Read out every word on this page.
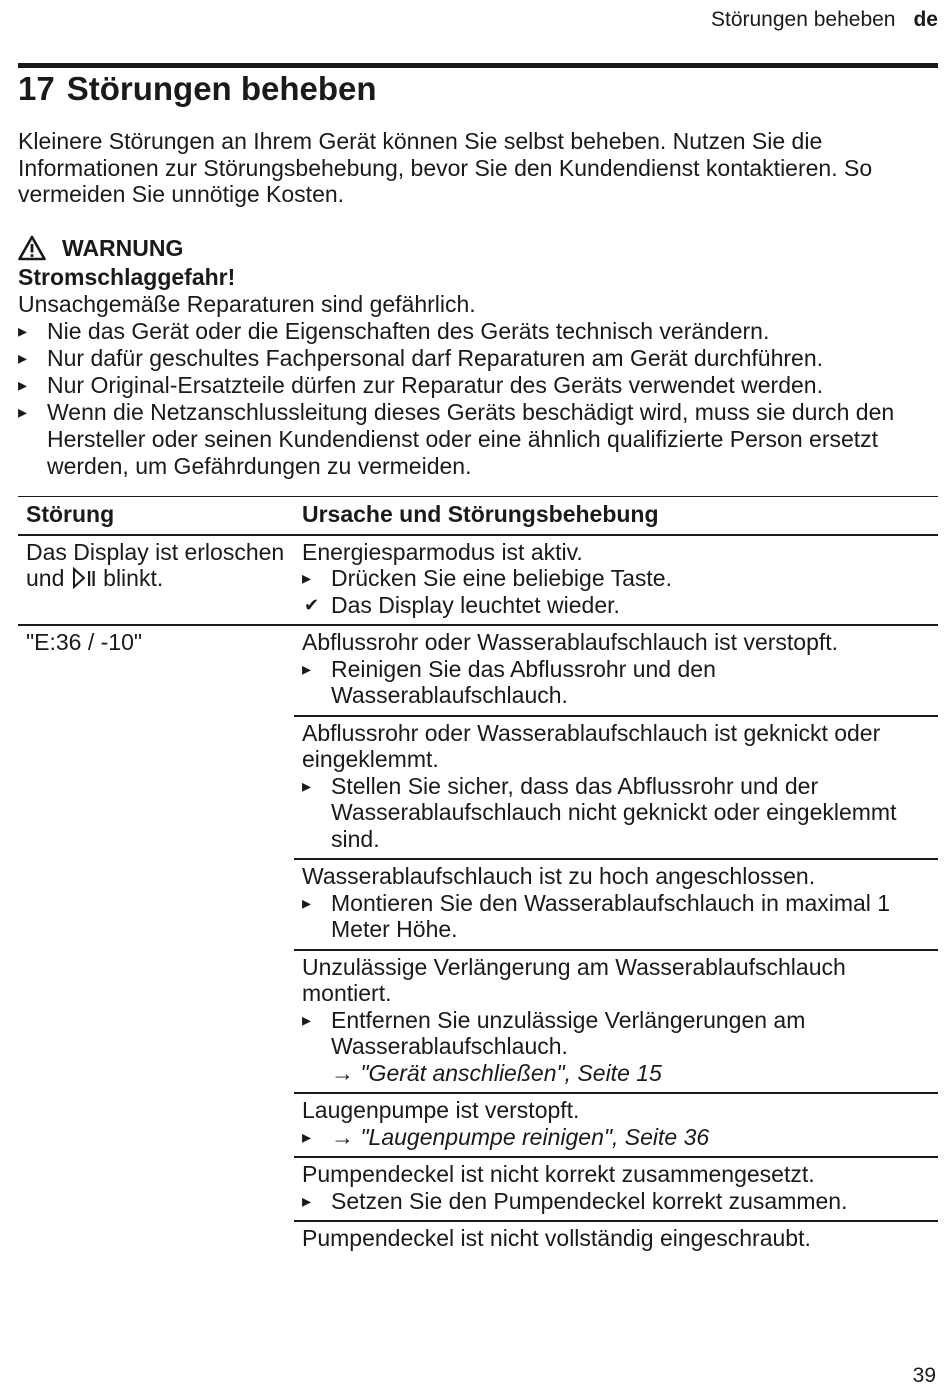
Störungen beheben de
17 Störungen beheben

Kleinere Störungen an Ihrem Gerät können Sie selbst beheben. Nutzen Sie die Informationen zur Störungsbehebung, bevor Sie den Kundendienst kontaktieren. So vermeiden Sie unnötige Kosten.

WARNUNG
Stromschlaggefahr!
Unsachgemäße Reparaturen sind gefährlich.
▸ Nie das Gerät oder die Eigenschaften des Geräts technisch verändern.
▸ Nur dafür geschultes Fachpersonal darf Reparaturen am Gerät durchführen.
▸ Nur Original-Ersatzteile dürfen zur Reparatur des Geräts verwendet werden.
▸ Wenn die Netzanschlussleitung dieses Geräts beschädigt wird, muss sie durch den Hersteller oder seinen Kundendienst oder eine ähnlich qualifizierte Person ersetzt werden, um Gefährdungen zu vermeiden.
Störung	Ursache und Störungsbehebung
Das Display ist erloschen und blinkt.	Energiesparmodus ist aktiv.

▸ Drücken Sie eine beliebige Taste.
✔ Das Display leuchtet wieder.

"E:36 / -10"	Abflussrohr oder Wasserablaufschlauch ist verstopft.

▸ Reinigen Sie das Abflussrohr und den Wasserablaufschlauch.

	Abflussrohr oder Wasserablaufschlauch ist geknickt oder eingeklemmt.

▸ Stellen Sie sicher, dass das Abflussrohr und der Wasserablaufschlauch nicht geknickt oder eingeklemmt sind.

	Wasserablaufschlauch ist zu hoch angeschlossen.

▸ Montieren Sie den Wasserablaufschlauch in maximal 1 Meter Höhe.

	Unzulässige Verlängerung am Wasserablaufschlauch montiert.

▸ Entfernen Sie unzulässige Verlängerungen am Wasserablaufschlauch.
→ "Gerät anschließen", Seite 15

	Laugenpumpe ist verstopft.

▸ → "Laugenpumpe reinigen", Seite 36

	Pumpendeckel ist nicht korrekt zusammengesetzt.

▸ Setzen Sie den Pumpendeckel korrekt zusammen.

	Pumpendeckel ist nicht vollständig eingeschraubt.

39
